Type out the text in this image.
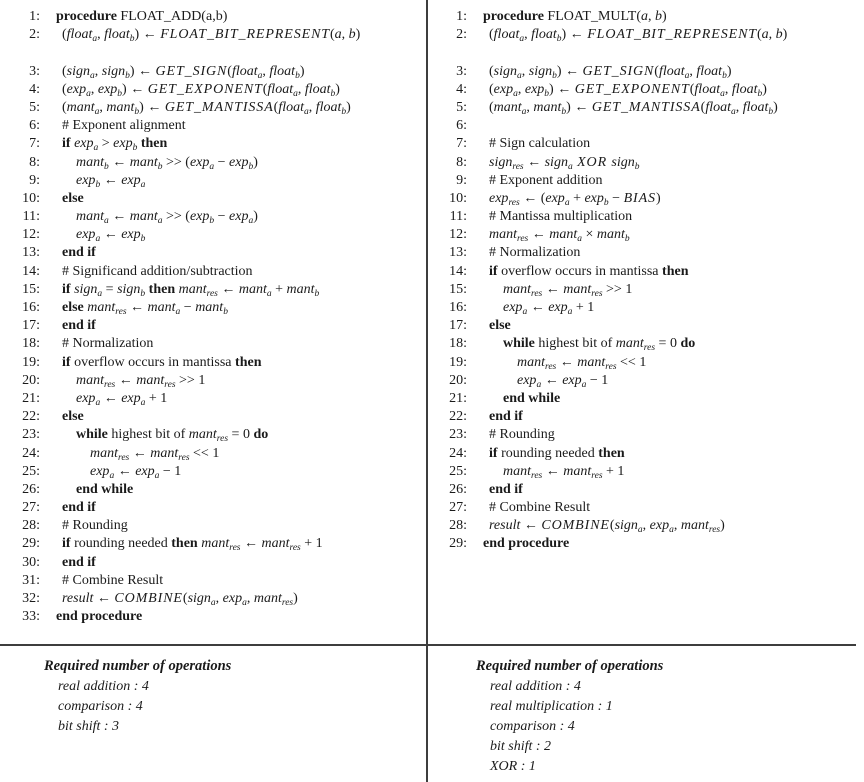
1: procedure FLOAT_ADD(a,b)
2: (float$_a$, float$_b$) ← FLOAT_BIT_REPRESENT(a, b)
3: (sign$_a$, sign$_b$) ← GET_SIGN(float$_a$, float$_b$)
4: ($\exp_a$, $\exp_b$) ← GET_EXPONENT(float$_a$, float$_b$)
5: (mant$_a$, mant$_b$) ← GET_MANTISSA(float$_a$, float$_b$)
6: # Exponent alignment
7: if $\exp_a > \exp_b$ then
8:	mant$_b$ ← mant$_b$ >> $(\exp_a - \exp_b)$
9:	$\exp_b$ ← $\exp_a$
10: else
11:	mant$_a$ ← mant$_a$ >> $(\exp_b - \exp_a)$
12:	$\exp_a$ ← $\exp_b$
13: end if
14: # Significand addition/subtraction
15: if sign$_a$ = sign$_b$ then mant$_{res}$ ← mant$_a$ + mant$_b$
16: else mant$_{res}$ ← mant$_a$ − mant$_b$
17: end if
18: # Normalization
19: if overflow occurs in mantissa then
20:	mant$_{res}$ ← mant$_{res}$ >> 1
21:	$\exp_a$ ← $\exp_a + 1$
22: else
23:	while highest bit of mant$_{res}$ = 0 do
24:	mant$_{res}$ ← mant$_{res}$ << 1
25:	$\exp_a$ ← $\exp_a - 1$
26:	end while
27: end if
28: # Rounding
29: if rounding needed then mant$_{res}$ ← mant$_{res}$ + 1
30: end if
31: # Combine Result
32: result ← COMBINE(sign$_a$, $\exp_a$, mant$_{res}$)
33: end procedure
1: procedure FLOAT_MULT(a, b)
2: (float$_a$, float$_b$) ← FLOAT_BIT_REPRESENT(a, b)
3: (sign$_a$, sign$_b$) ← GET_SIGN(float$_a$, float$_b$)
4: ($\exp_a$, $\exp_b$) ← GET_EXPONENT(float$_a$, float$_b$)
5: (mant$_a$, mant$_b$) ← GET_MANTISSA(float$_a$, float$_b$)
6:
7: # Sign calculation
8: sign$_{res}$ ← sign$_a$ XOR sign$_b$
9: # Exponent addition
10: $\exp_{res}$ ← ($\exp_a + \exp_b$ − BIAS)
11: # Mantissa multiplication
12: mant$_{res}$ ← mant$_a$ × mant$_b$
13: # Normalization
14: if overflow occurs in mantissa then
15:	mant$_{res}$ ← mant$_{res}$ >> 1
16:	$\exp_a$ ← $\exp_a + 1$
17: else
18:	while highest bit of mant$_{res}$ = 0 do
19:	mant$_{res}$ ← mant$_{res}$ << 1
20:	$\exp_a$ ← $\exp_a - 1$
21:	end while
22: end if
23: # Rounding
24: if rounding needed then
25:	mant$_{res}$ ← mant$_{res}$ + 1
26: end if
27: # Combine Result
28: result ← COMBINE(sign$_a$, $\exp_a$, mant$_{res}$)
29: end procedure
Required number of operations
real addition : 4
comparison : 4
bit shift : 3
Required number of operations
real addition : 4
real multiplication : 1
comparison : 4
bit shift : 2
XOR : 1
